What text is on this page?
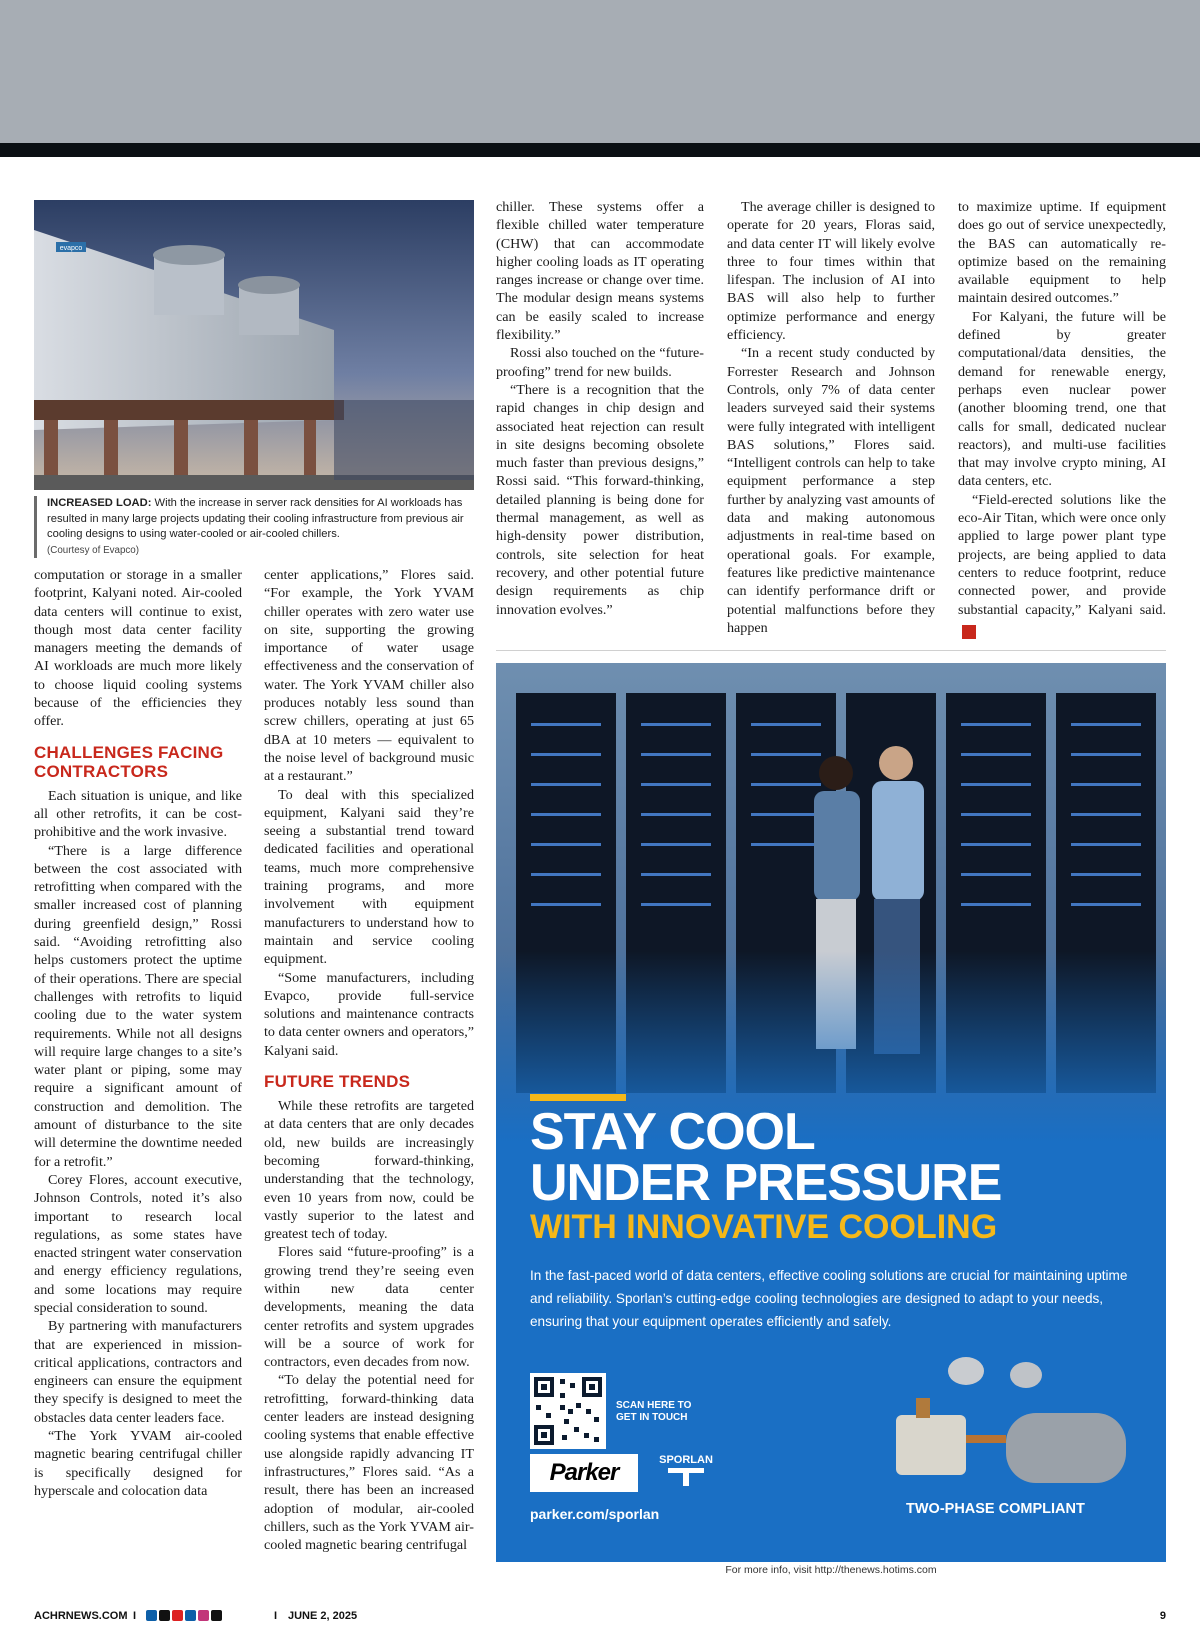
evapco
INCREASED LOAD: With the increase in server rack densities for AI workloads has resulted in many large projects updating their cooling infrastructure from previous air cooling designs to using water-cooled or air-cooled chillers.
(Courtesy of Evapco)

computation or storage in a smaller footprint, Kalyani noted. Air-cooled data centers will continue to exist, though most data center facility managers meeting the demands of AI workloads are much more likely to choose liquid cooling systems because of the efficiencies they offer.

CHALLENGES FACING CONTRACTORS

Each situation is unique, and like all other retrofits, it can be cost-prohibitive and the work invasive.

“There is a large difference between the cost associated with retrofitting when compared with the smaller increased cost of planning during greenfield design,” Rossi said. “Avoiding retrofitting also helps customers protect the uptime of their operations. There are special challenges with retrofits to liquid cooling due to the water system requirements. While not all designs will require large changes to a site’s water plant or piping, some may require a significant amount of construction and demolition. The amount of disturbance to the site will determine the downtime needed for a retrofit.”

Corey Flores, account executive, Johnson Controls, noted it’s also important to research local regulations, as some states have enacted stringent water conservation and energy efficiency regulations, and some locations may require special consideration to sound.

By partnering with manufacturers that are experienced in mission-critical applications, contractors and engineers can ensure the equipment they specify is designed to meet the obstacles data center leaders face.

“The York YVAM air-cooled magnetic bearing centrifugal chiller is specifically designed for hyperscale and colocation data

center applications,” Flores said. “For example, the York YVAM chiller operates with zero water use on site, supporting the growing importance of water usage effectiveness and the conservation of water. The York YVAM chiller also produces notably less sound than screw chillers, operating at just 65 dBA at 10 meters — equivalent to the noise level of background music at a restaurant.”

To deal with this specialized equipment, Kalyani said they’re seeing a substantial trend toward dedicated facilities and operational teams, much more comprehensive training programs, and more involvement with equipment manufacturers to understand how to maintain and service cooling equipment.

“Some manufacturers, including Evapco, provide full-service solutions and maintenance contracts to data center owners and operators,” Kalyani said.

FUTURE TRENDS

While these retrofits are targeted at data centers that are only decades old, new builds are increasingly becoming forward-thinking, understanding that the technology, even 10 years from now, could be vastly superior to the latest and greatest tech of today.

Flores said “future-proofing” is a growing trend they’re seeing even within new data center developments, meaning the data center retrofits and system upgrades will be a source of work for contractors, even decades from now.

“To delay the potential need for retrofitting, forward-thinking data center leaders are instead designing cooling systems that enable effective use alongside rapidly advancing IT infrastructures,” Flores said. “As a result, there has been an increased adoption of modular, air-cooled chillers, such as the York YVAM air-cooled magnetic bearing centrifugal

chiller. These systems offer a flexible chilled water temperature (CHW) that can accommodate higher cooling loads as IT operating ranges increase or change over time. The modular design means systems can be easily scaled to increase flexibility.”

Rossi also touched on the “future-proofing” trend for new builds.

“There is a recognition that the rapid changes in chip design and associated heat rejection can result in site designs becoming obsolete much faster than previous designs,” Rossi said. “This forward-thinking, detailed planning is being done for thermal management, as well as high-density power distribution, controls, site selection for heat recovery, and other potential future design requirements as chip innovation evolves.”

The average chiller is designed to operate for 20 years, Floras said, and data center IT will likely evolve three to four times within that lifespan. The inclusion of AI into BAS will also help to further optimize performance and energy efficiency.

“In a recent study conducted by Forrester Research and Johnson Controls, only 7% of data center leaders surveyed said their systems were fully integrated with intelligent BAS solutions,” Flores said. “Intelligent controls can help to take equipment performance a step further by analyzing vast amounts of data and making autonomous adjustments in real-time based on operational goals. For example, features like predictive maintenance can identify performance drift or potential malfunctions before they happen

to maximize uptime. If equipment does go out of service unexpectedly, the BAS can automatically re-optimize based on the remaining available equipment to help maintain desired outcomes.”

For Kalyani, the future will be defined by greater computational/data densities, the demand for renewable energy, perhaps even nuclear power (another blooming trend, one that calls for small, dedicated nuclear reactors), and multi-use facilities that may involve crypto mining, AI data centers, etc.

“Field-erected solutions like the eco-Air Titan, which were once only applied to large power plant type projects, are being applied to data centers to reduce footprint, reduce connected power, and provide substantial capacity,” Kalyani said.N

STAY COOL
UNDER PRESSURE
WITH INNOVATIVE COOLING
In the fast-paced world of data centers, effective cooling solutions are crucial for maintaining uptime and reliability. Sporlan’s cutting-edge cooling technologies are designed to adapt to your needs, ensuring that your equipment operates efficiently and safely.
SCAN HERE TO GET IN TOUCH
Parker	SPORLAN
parker.com/sporlan	TWO-PHASE COMPLIANT
For more info, visit http://thenews.hotims.com
ACHRNEWS.COM I	I JUNE 2, 2025	9
